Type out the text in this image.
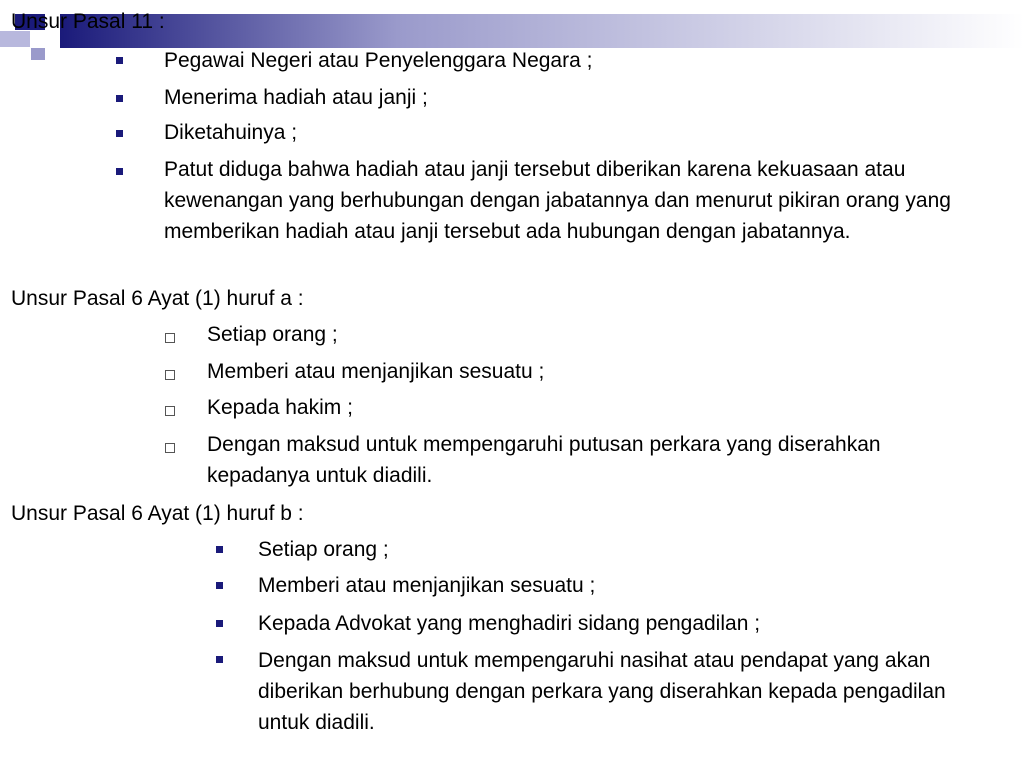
Unsur Pasal 11 :
Pegawai Negeri atau Penyelenggara Negara ;
Menerima hadiah atau janji ;
Diketahuinya ;
Patut diduga bahwa hadiah atau janji tersebut diberikan karena kekuasaan atau kewenangan yang berhubungan dengan jabatannya dan menurut pikiran orang yang memberikan hadiah atau janji tersebut ada hubungan dengan jabatannya.
Unsur Pasal 6 Ayat (1) huruf a :
Setiap orang ;
Memberi atau menjanjikan sesuatu ;
Kepada hakim ;
Dengan maksud untuk mempengaruhi putusan perkara yang diserahkan kepadanya untuk diadili.
Unsur Pasal 6 Ayat (1) huruf b :
Setiap orang ;
Memberi atau menjanjikan sesuatu ;
Kepada Advokat yang menghadiri sidang pengadilan ;
Dengan maksud untuk mempengaruhi nasihat atau pendapat yang akan diberikan berhubung dengan perkara yang diserahkan kepada pengadilan untuk diadili.
